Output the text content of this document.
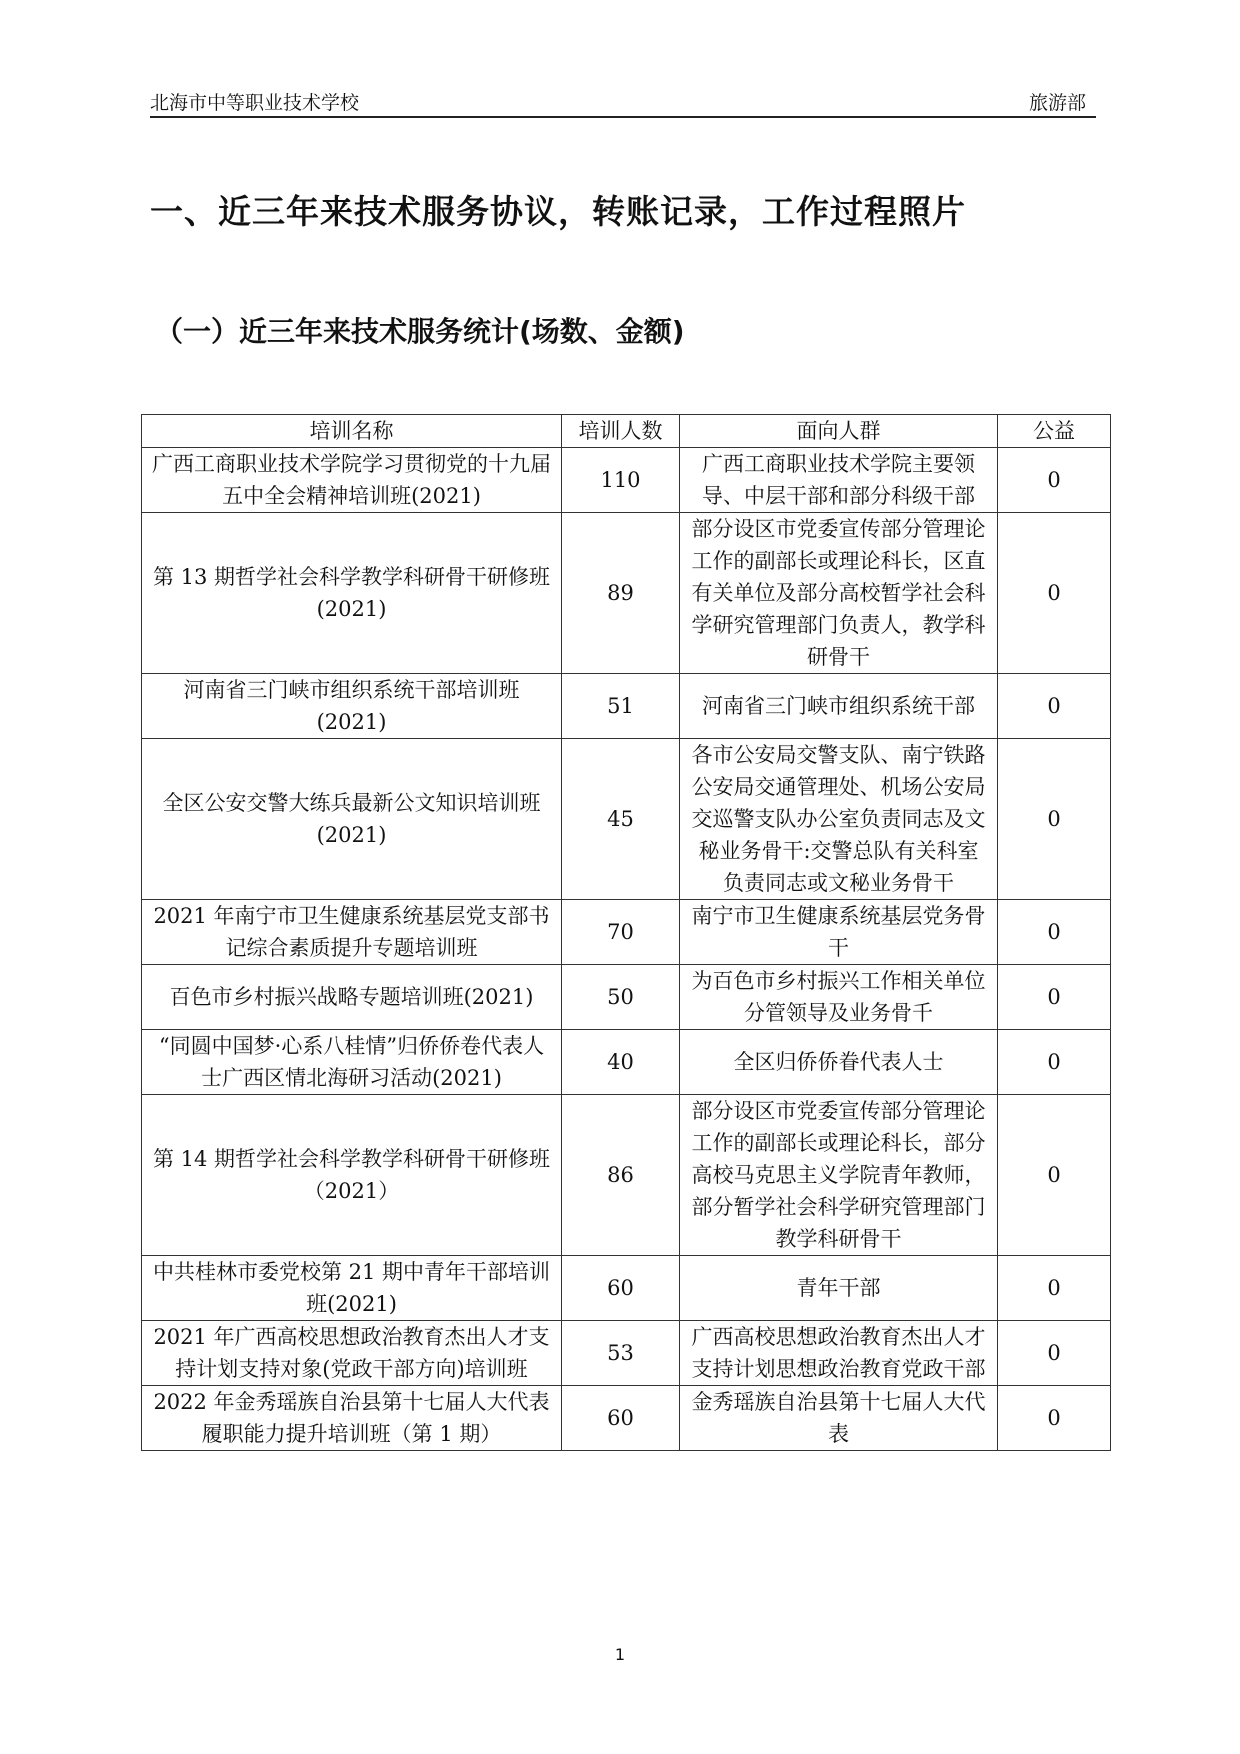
北海市中等职业技术学校	旅游部
一、近三年来技术服务协议，转账记录，工作过程照片
（一）近三年来技术服务统计(场数、金额)
培训名称	培训人数	面向人群	公益
广西工商职业技术学院学习贯彻党的十九届五中全会精神培训班(2021)	110	广西工商职业技术学院主要领导、中层干部和部分科级干部	0
第 13 期哲学社会科学教学科研骨干研修班(2021)	89	部分设区市党委宣传部分管理论工作的副部长或理论科长，区直有关单位及部分高校暂学社会科学研究管理部门负责人，教学科研骨干	0
河南省三门峡市组织系统干部培训班(2021)	51	河南省三门峡市组织系统干部	0
全区公安交警大练兵最新公文知识培训班(2021)	45	各市公安局交警支队、南宁铁路公安局交通管理处、机场公安局交巡警支队办公室负责同志及文秘业务骨干:交警总队有关科室负责同志或文秘业务骨干	0
2021 年南宁市卫生健康系统基层党支部书记综合素质提升专题培训班	70	南宁市卫生健康系统基层党务骨干	0
百色市乡村振兴战略专题培训班(2021)	50	为百色市乡村振兴工作相关单位分管领导及业务骨千	0
“同圆中国梦·心系八桂情”归侨侨卷代表人士广西区情北海研习活动(2021)	40	全区归侨侨眷代表人士	0
第 14 期哲学社会科学教学科研骨干研修班（2021）	86	部分设区市党委宣传部分管理论工作的副部长或理论科长，部分高校马克思主义学院青年教师，部分暂学社会科学研究管理部门教学科研骨干	0
中共桂林市委党校第 21 期中青年干部培训班(2021)	60	青年干部	0
2021 年广西高校思想政治教育杰出人才支持计划支持对象(党政干部方向)培训班	53	广西高校思想政治教育杰出人才支持计划思想政治教育党政干部	0
2022 年金秀瑶族自治县第十七届人大代表履职能力提升培训班（第 1 期）	60	金秀瑶族自治县第十七届人大代表	0
1
